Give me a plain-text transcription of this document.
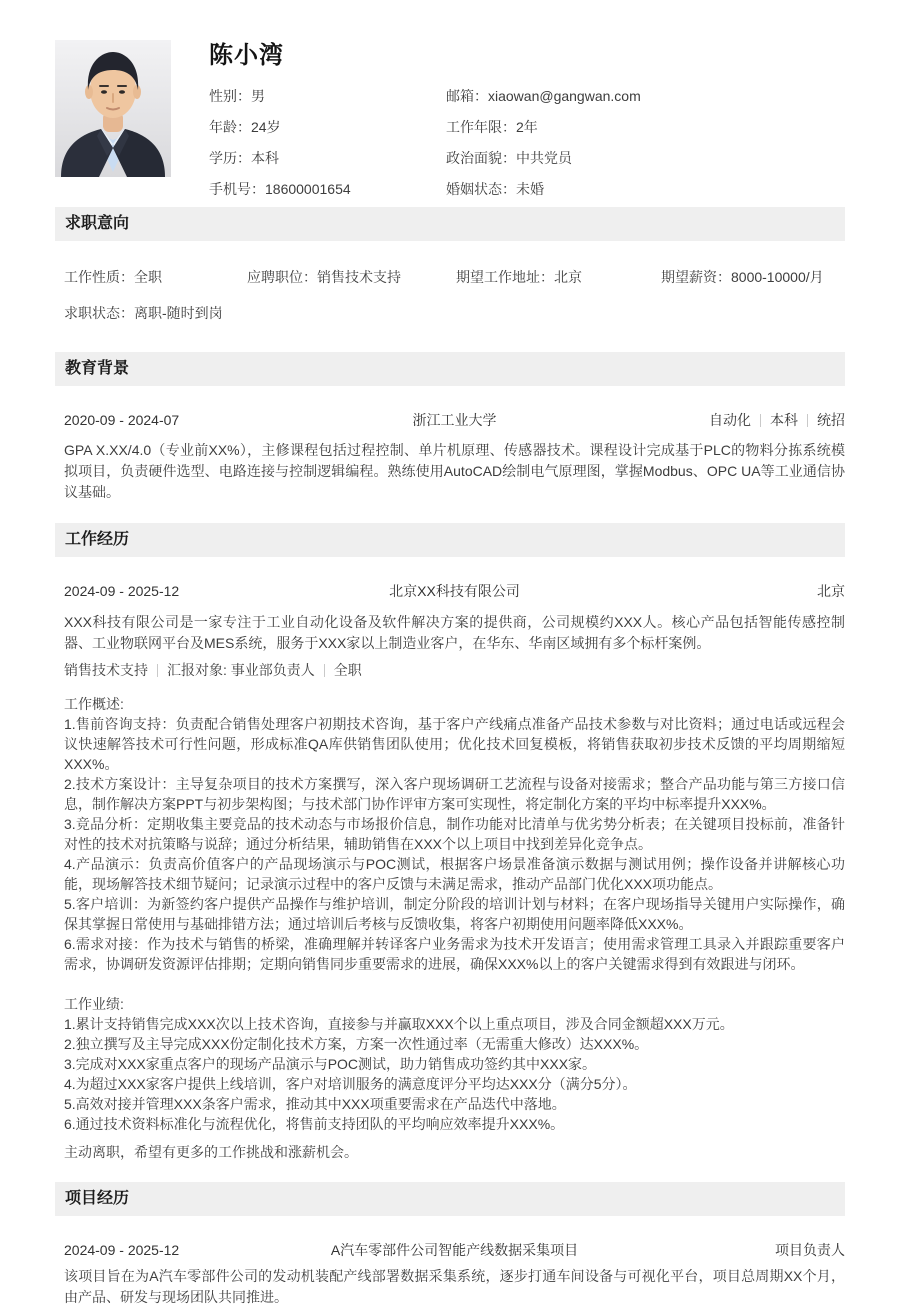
陈小湾
性别：男	邮箱：xiaowan@gangwan.com
年龄：24岁	工作年限：2年
学历：本科	政治面貌：中共党员
手机号：18600001654	婚姻状态：未婚
求职意向
工作性质：全职	应聘职位：销售技术支持	期望工作地址：北京	期望薪资：8000-10000/月
求职状态：离职-随时到岗
教育背景
2020-09 - 2024-07	浙江工业大学	自动化 本科 统招
GPA X.XX/4.0（专业前XX%），主修课程包括过程控制、单片机原理、传感器技术。课程设计完成基于PLC的物料分拣系统模拟项目，负责硬件选型、电路连接与控制逻辑编程。熟练使用AutoCAD绘制电气原理图，掌握Modbus、OPC UA等工业通信协议基础。
工作经历
2024-09 - 2025-12	北京XX科技有限公司	北京
XXX科技有限公司是一家专注于工业自动化设备及软件解决方案的提供商，公司规模约XXX人。核心产品包括智能传感控制器、工业物联网平台及MES系统，服务于XXX家以上制造业客户，在华东、华南区域拥有多个标杆案例。
销售技术支持 汇报对象: 事业部负责人 全职
工作概述:
1.售前咨询支持：负责配合销售处理客户初期技术咨询，基于客户产线痛点准备产品技术参数与对比资料；通过电话或远程会议快速解答技术可行性问题，形成标准QA库供销售团队使用；优化技术回复模板，将销售获取初步技术反馈的平均周期缩短XXX%。
2.技术方案设计：主导复杂项目的技术方案撰写，深入客户现场调研工艺流程与设备对接需求；整合产品功能与第三方接口信息，制作解决方案PPT与初步架构图；与技术部门协作评审方案可实现性，将定制化方案的平均中标率提升XXX%。
3.竞品分析：定期收集主要竞品的技术动态与市场报价信息，制作功能对比清单与优劣势分析表；在关键项目投标前，准备针对性的技术对抗策略与说辞；通过分析结果，辅助销售在XXX个以上项目中找到差异化竞争点。
4.产品演示：负责高价值客户的产品现场演示与POC测试，根据客户场景准备演示数据与测试用例；操作设备并讲解核心功能，现场解答技术细节疑问；记录演示过程中的客户反馈与未满足需求，推动产品部门优化XXX项功能点。
5.客户培训：为新签约客户提供产品操作与维护培训，制定分阶段的培训计划与材料；在客户现场指导关键用户实际操作，确保其掌握日常使用与基础排错方法；通过培训后考核与反馈收集，将客户初期使用问题率降低XXX%。
6.需求对接：作为技术与销售的桥梁，准确理解并转译客户业务需求为技术开发语言；使用需求管理工具录入并跟踪重要客户需求，协调研发资源评估排期；定期向销售同步重要需求的进展，确保XXX%以上的客户关键需求得到有效跟进与闭环。
工作业绩:
1.累计支持销售完成XXX次以上技术咨询，直接参与并赢取XXX个以上重点项目，涉及合同金额超XXX万元。
2.独立撰写及主导完成XXX份定制化技术方案，方案一次性通过率（无需重大修改）达XXX%。
3.完成对XXX家重点客户的现场产品演示与POC测试，助力销售成功签约其中XXX家。
4.为超过XXX家客户提供上线培训，客户对培训服务的满意度评分平均达XXX分（满分5分）。
5.高效对接并管理XXX条客户需求，推动其中XXX项重要需求在产品迭代中落地。
6.通过技术资料标准化与流程优化，将售前支持团队的平均响应效率提升XXX%。
主动离职，希望有更多的工作挑战和涨薪机会。
项目经历
2024-09 - 2025-12	A汽车零部件公司智能产线数据采集项目	项目负责人
该项目旨在为A汽车零部件公司的发动机装配产线部署数据采集系统，逐步打通车间设备与可视化平台，项目总周期XX个月，由产品、研发与现场团队共同推进。
